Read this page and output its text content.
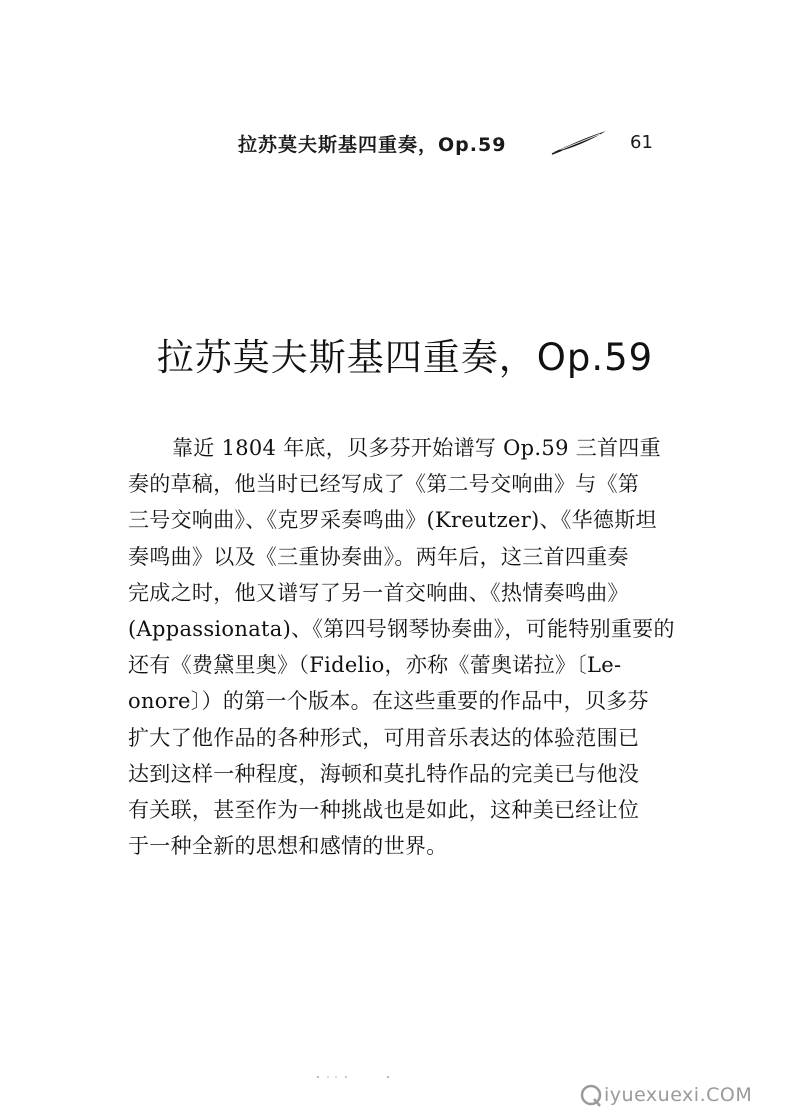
拉苏莫夫斯基四重奏，Op.59	61
拉苏莫夫斯基四重奏，Op.59
靠近 1804 年底，贝多芬开始谱写 Op.59 三首四重
奏的草稿，他当时已经写成了《第二号交响曲》与《第
三号交响曲》、《克罗采奏鸣曲》(Kreutzer)、《华德斯坦
奏鸣曲》以及《三重协奏曲》。两年后，这三首四重奏
完成之时，他又谱写了另一首交响曲、《热情奏鸣曲》
(Appassionata)、《第四号钢琴协奏曲》，可能特别重要的
还有《费黛里奥》（Fidelio，亦称《蕾奥诺拉》〔Le-
onore〕）的第一个版本。在这些重要的作品中，贝多芬
扩大了他作品的各种形式，可用音乐表达的体验范围已
达到这样一种程度，海顿和莫扎特作品的完美已与他没
有关联，甚至作为一种挑战也是如此，这种美已经让位
于一种全新的思想和感情的世界。
iyuexuexi.COM
